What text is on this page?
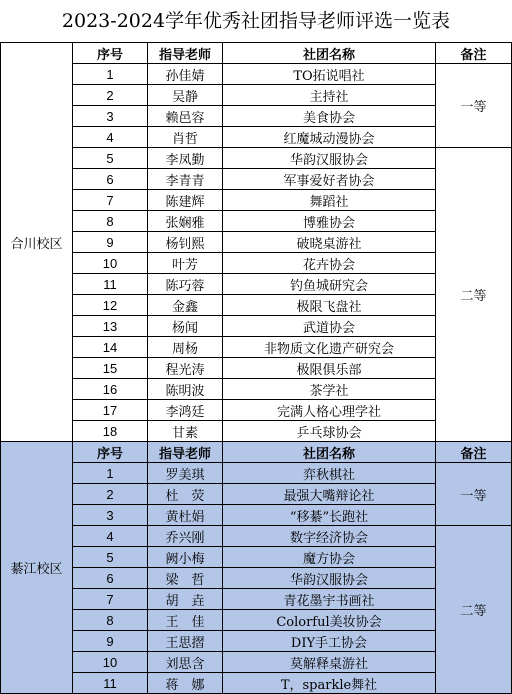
2023-2024学年优秀社团指导老师评选一览表
合川校区	序号	指导老师	社团名称	备注
	1	孙佳婧	TO拓说唱社	一等
	2	吴静	主持社	
	3	赖邑容	美食协会	
	4	肖哲	红魔城动漫协会	
	5	李凤勤	华韵汉服协会	二等
	6	李青青	军事爱好者协会	
	7	陈建辉	舞蹈社	
	8	张娴雅	博雅协会	
	9	杨钊熙	破晓桌游社	
	10	叶芳	花卉协会	
	11	陈巧蓉	钓鱼城研究会	
	12	金鑫	极限飞盘社	
	13	杨闻	武道协会	
	14	周杨	非物质文化遗产研究会	
	15	程光涛	极限俱乐部	
	16	陈明波	茶学社	
	17	李鸿廷	完满人格心理学社	
	18	甘素	乒乓球协会	
綦江校区	序号	指导老师	社团名称	备注
	1	罗美琪	弈秋棋社	一等
	2	杜　荧	最强大嘴辩论社	
	3	黄杜娟	“移綦”长跑社	
	4	乔兴刚	数字经济协会	二等
	5	阙小梅	魔方协会	
	6	梁　哲	华韵汉服协会	
	7	胡　垚	青花墨宇书画社	
	8	王　佳	Colorful美妆协会	
	9	王思摺	DIY手工协会	
	10	刘思含	莫解释桌游社	
	11	蒋　娜	T，sparkle舞社	
